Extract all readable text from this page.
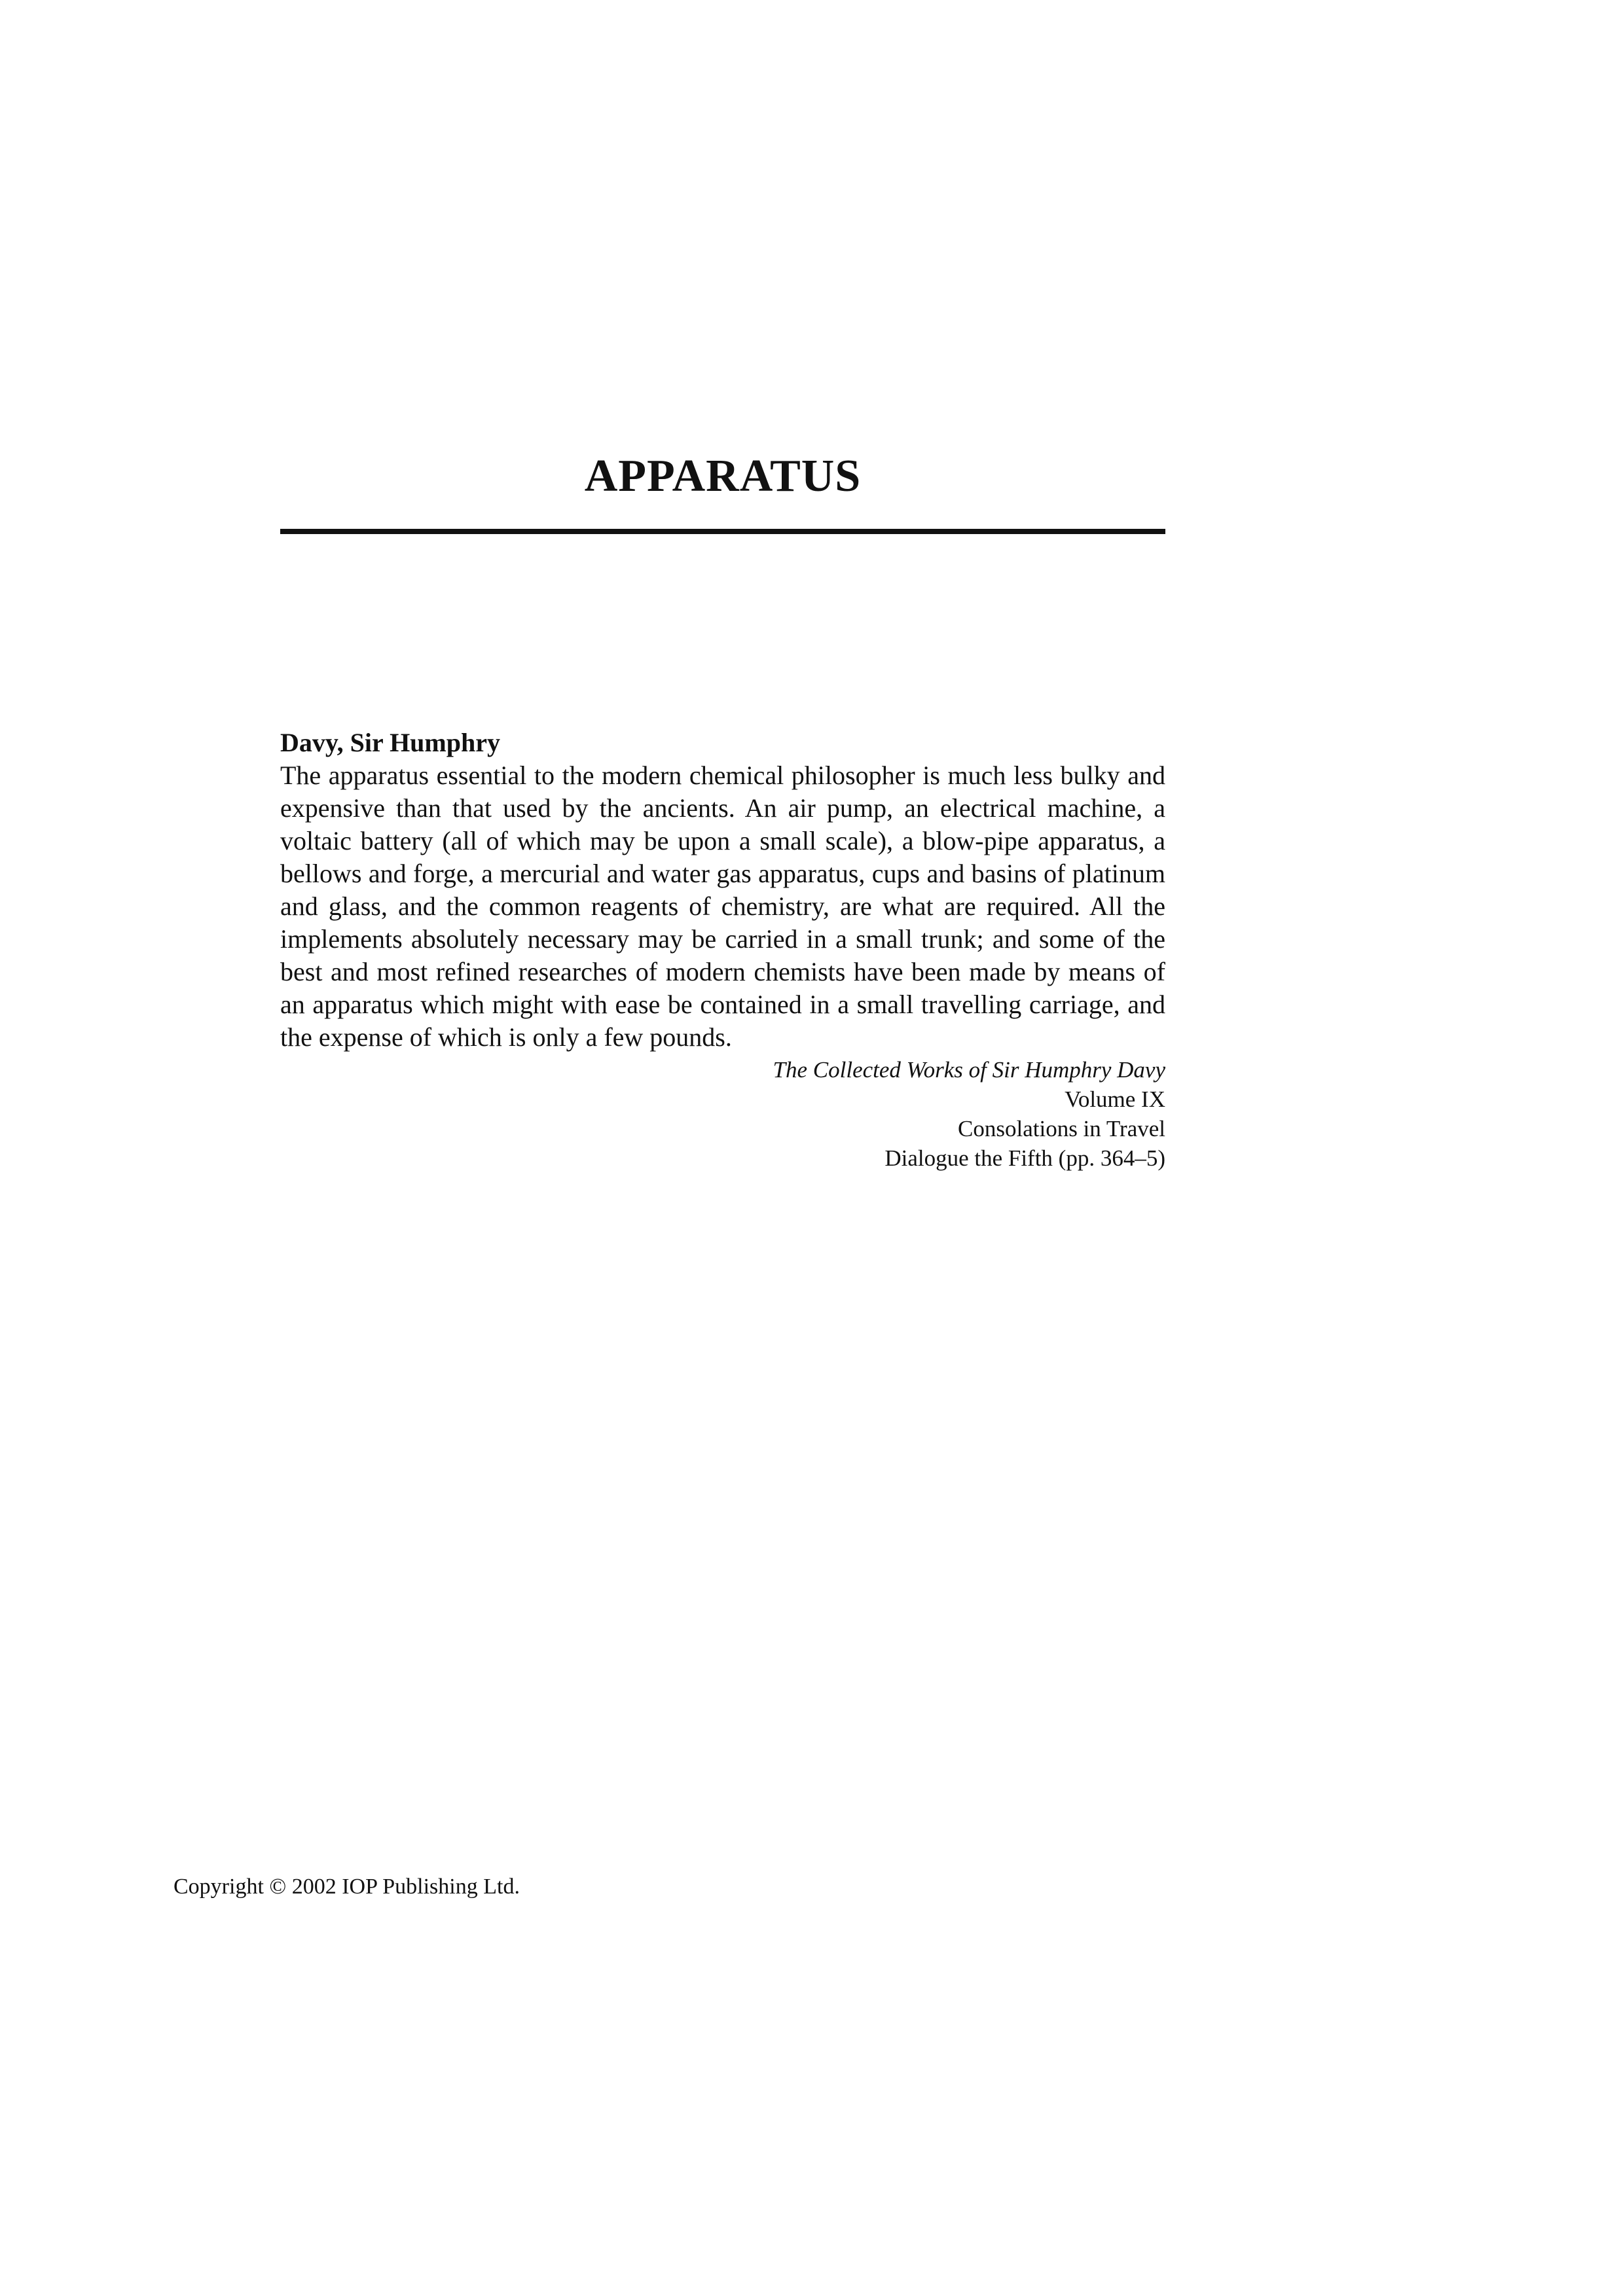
APPARATUS

Davy, Sir Humphry

The apparatus essential to the modern chemical philosopher is much less bulky and expensive than that used by the ancients. An air pump, an electrical machine, a voltaic battery (all of which may be upon a small scale), a blow-pipe apparatus, a bellows and forge, a mercurial and water gas apparatus, cups and basins of platinum and glass, and the common reagents of chemistry, are what are required. All the implements absolutely necessary may be carried in a small trunk; and some of the best and most refined researches of modern chemists have been made by means of an apparatus which might with ease be contained in a small travelling carriage, and the expense of which is only a few pounds.

The Collected Works of Sir Humphry Davy
Volume IX
Consolations in Travel
Dialogue the Fifth (pp. 364–5)

Copyright © 2002 IOP Publishing Ltd.
